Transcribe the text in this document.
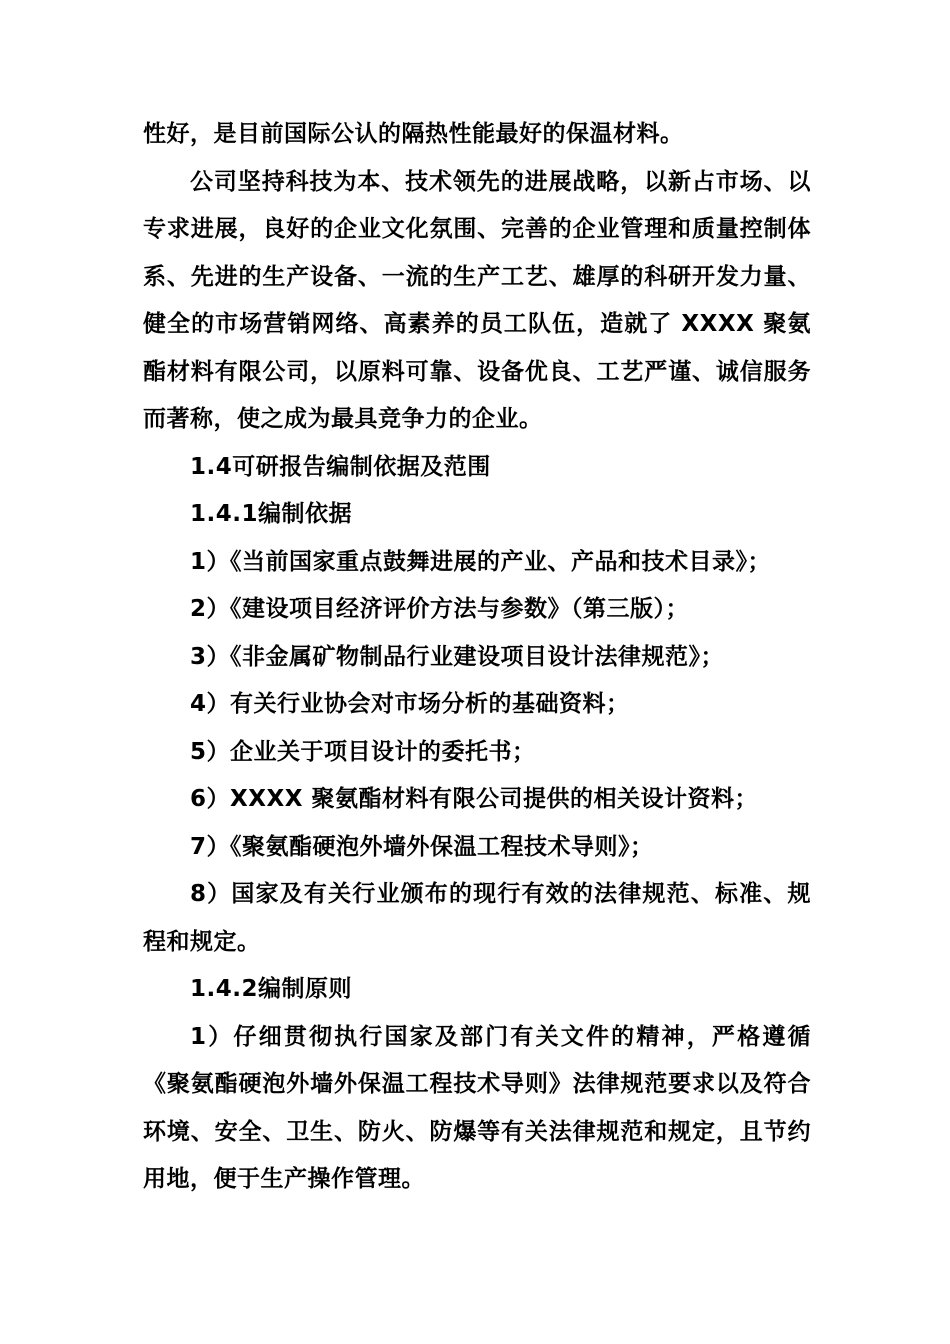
性好，是目前国际公认的隔热性能最好的保温材料。

公司坚持科技为本、技术领先的进展战略，以新占市场、以专求进展，良好的企业文化氛围、完善的企业管理和质量控制体系、先进的生产设备、一流的生产工艺、雄厚的科研开发力量、健全的市场营销网络、高素养的员工队伍，造就了 XXXX 聚氨酯材料有限公司，以原料可靠、设备优良、工艺严谨、诚信服务而著称，使之成为最具竞争力的企业。

1.4可研报告编制依据及范围

1.4.1编制依据

1）《当前国家重点鼓舞进展的产业、产品和技术目录》；

2）《建设项目经济评价方法与参数》（第三版）；

3）《非金属矿物制品行业建设项目设计法律规范》；

4）有关行业协会对市场分析的基础资料；

5）企业关于项目设计的委托书；

6）XXXX 聚氨酯材料有限公司提供的相关设计资料；

7）《聚氨酯硬泡外墙外保温工程技术导则》；

8）国家及有关行业颁布的现行有效的法律规范、标准、规程和规定。

1.4.2编制原则

1）仔细贯彻执行国家及部门有关文件的精神，严格遵循《聚氨酯硬泡外墙外保温工程技术导则》法律规范要求以及符合环境、安全、卫生、防火、防爆等有关法律规范和规定，且节约用地，便于生产操作管理。
